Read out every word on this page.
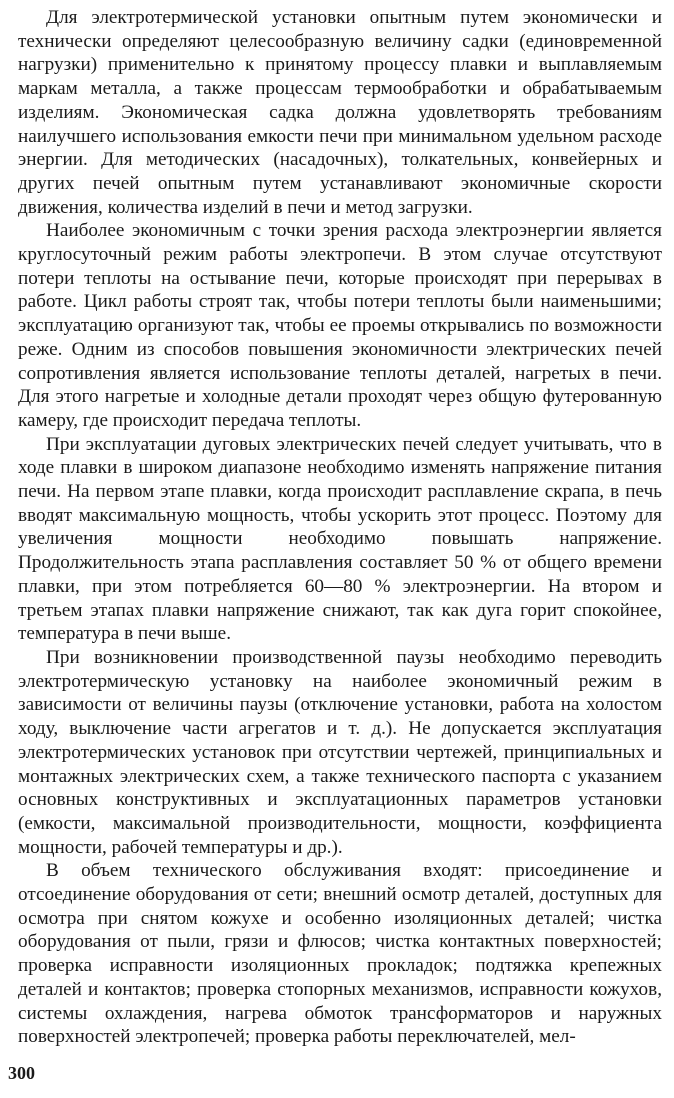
Для электротермической установки опытным путем экономически и технически определяют целесообразную величину садки (единовременной нагрузки) применительно к принятому процессу плавки и выплавляемым маркам металла, а также процессам термообработки и обрабатываемым изделиям. Экономическая садка должна удовлетворять требованиям наилучшего использования емкости печи при минимальном удельном расходе энергии. Для методических (насадочных), толкательных, конвейерных и других печей опытным путем устанавливают экономичные скорости движения, количества изделий в печи и метод загрузки.

Наиболее экономичным с точки зрения расхода электроэнергии является круглосуточный режим работы электропечи. В этом случае отсутствуют потери теплоты на остывание печи, которые происходят при перерывах в работе. Цикл работы строят так, чтобы потери теплоты были наименьшими; эксплуатацию организуют так, чтобы ее проемы открывались по возможности реже. Одним из способов повышения экономичности электрических печей сопротивления является использование теплоты деталей, нагретых в печи. Для этого нагретые и холодные детали проходят через общую футерованную камеру, где происходит передача теплоты.

При эксплуатации дуговых электрических печей следует учитывать, что в ходе плавки в широком диапазоне необходимо изменять напряжение питания печи. На первом этапе плавки, когда происходит расплавление скрапа, в печь вводят максимальную мощность, чтобы ускорить этот процесс. Поэтому для увеличения мощности необходимо повышать напряжение. Продолжительность этапа расплавления составляет 50 % от общего времени плавки, при этом потребляется 60—80 % электроэнергии. На втором и третьем этапах плавки напряжение снижают, так как дуга горит спокойнее, температура в печи выше.

При возникновении производственной паузы необходимо переводить электротермическую установку на наиболее экономичный режим в зависимости от величины паузы (отключение установки, работа на холостом ходу, выключение части агрегатов и т. д.). Не допускается эксплуатация электротермических установок при отсутствии чертежей, принципиальных и монтажных электрических схем, а также технического паспорта с указанием основных конструктивных и эксплуатационных параметров установки (емкости, максимальной производительности, мощности, коэффициента мощности, рабочей температуры и др.).

В объем технического обслуживания входят: присоединение и отсоединение оборудования от сети; внешний осмотр деталей, доступных для осмотра при снятом кожухе и особенно изоляционных деталей; чистка оборудования от пыли, грязи и флюсов; чистка контактных поверхностей; проверка исправности изоляционных прокладок; подтяжка крепежных деталей и контактов; проверка стопорных механизмов, исправности кожухов, системы охлаждения, нагрева обмоток трансформаторов и наружных поверхностей электропечей; проверка работы переключателей, мел-

300
